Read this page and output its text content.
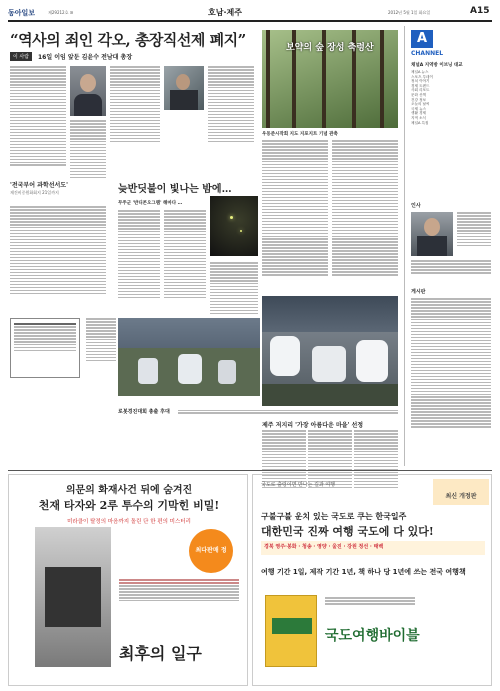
동아일보	제29212호 ⑩	호남·제주	2012년 5월 1일 화요일	A15
“역사의 죄인 각오, 총장직선제 폐지”
이 사람	16일 이임 앞둔 김윤수 전남대 총장
'전국부어 과학선서도'
재건비중원화회지 21일까지	늦반딧불이 빛나는 밤에…
무주군 '반디콘오그램' 해마다 …
로봇경진대회 총출 후대
보약의 숲 장성 축령산
우동준시작회 지도 지포지트 기념 관축
제주 저지리 '가장 아름다운 마을' 선정
A
CHANNEL
채널A 지역방 이브닝 대교
채널A 뉴스
스포츠 투데이
정치 이야기
경제 트렌드
사회 리포트
문화 산책
건강 정보
오늘의 날씨
국제 뉴스
생활 경제
지역 소식
채널A 특집
인사
게시판
의문의 화재사건 뒤에 숨겨진
천재 타자와 2루 투수의 기막힌 비밀!
미라클이 탈정의 마음까지 돌린 단 한 편의 미스터리
최다판매 정
최후의 일구
국도로 출렁이면 만나는 길과 여행
최신 개정판
구불구불 운치 있는 국도로 쿠는 한국일주
대한민국 진짜 여행 국도에 다 있다!
경북 영주·봉화 · 청송 · 영양 · 울진 · 강원 정선 · 태백
여행 기간 1일, 제작 기간 1년, 책 하나 당 1년에 쓰는 전국 여행책
국도여행바이블
